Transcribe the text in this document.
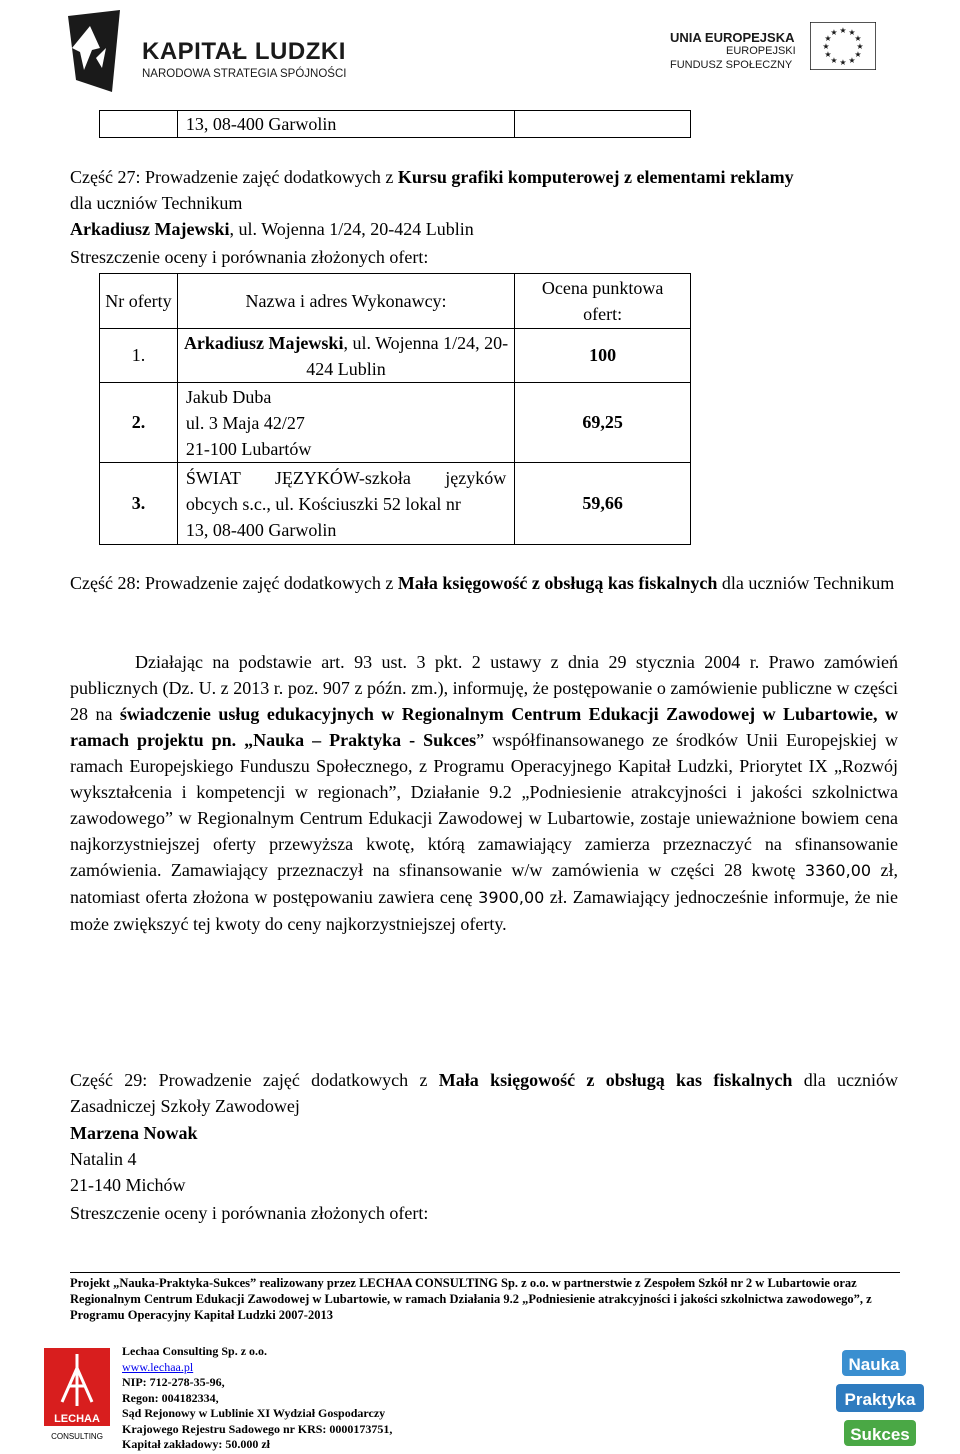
KAPITAŁ LUDZKI
NARODOWA STRATEGIA SPÓJNOŚCI
UNIA EUROPEJSKA
EUROPEJSKI
FUNDUSZ SPOŁECZNY
★ ★
★
★
★
★
★
★
★
★
★
★
	13, 08-400 Garwolin	
Część 27: Prowadzenie zajęć dodatkowych z Kursu grafiki komputerowej z elementami reklamy
dla uczniów Technikum
Arkadiusz Majewski, ul. Wojenna 1/24, 20-424 Lublin
Streszczenie oceny i porównania złożonych ofert:
Nr oferty	Nazwa i adres Wykonawcy:	Ocena punktowa ofert:
1.	Arkadiusz Majewski, ul. Wojenna 1/24, 20-424 Lublin	100
2.	Jakub Duba
ul. 3 Maja 42/27
21-100 Lubartów	69,25
3.	ŚWIAT JĘZYKÓW-szkoła języków
obcych s.c., ul. Kościuszki 52 lokal nr
13, 08-400 Garwolin	59,66
Część 28: Prowadzenie zajęć dodatkowych z Mała księgowość z obsługą kas fiskalnych dla uczniów Technikum
Działając na podstawie art. 93 ust. 3 pkt. 2 ustawy z dnia 29 stycznia 2004 r. Prawo zamówień publicznych (Dz. U. z 2013 r. poz. 907 z późn. zm.), informuję, że postępowanie o zamówienie publiczne w części 28 na świadczenie usług edukacyjnych w Regionalnym Centrum Edukacji Zawodowej w Lubartowie, w ramach projektu pn. „Nauka – Praktyka - Sukces” współfinansowanego ze środków Unii Europejskiej w ramach Europejskiego Funduszu Społecznego, z Programu Operacyjnego Kapitał Ludzki, Priorytet IX „Rozwój wykształcenia i kompetencji w regionach”, Działanie 9.2 „Podniesienie atrakcyjności i jakości szkolnictwa zawodowego” w Regionalnym Centrum Edukacji Zawodowej w Lubartowie, zostaje unieważnione bowiem cena najkorzystniejszej oferty przewyższa kwotę, którą zamawiający zamierza przeznaczyć na sfinansowanie zamówienia. Zamawiający przeznaczył na sfinansowanie w/w zamówienia w części 28 kwotę 3360,00 zł, natomiast oferta złożona w postępowaniu zawiera cenę 3900,00 zł. Zamawiający jednocześnie informuje, że nie może zwiększyć tej kwoty do ceny najkorzystniejszej oferty.
Część 29: Prowadzenie zajęć dodatkowych z Mała księgowość z obsługą kas fiskalnych dla uczniów Zasadniczej Szkoły Zawodowej
Marzena Nowak
Natalin 4
21-140 Michów
Streszczenie oceny i porównania złożonych ofert:
Projekt „Nauka-Praktyka-Sukces” realizowany przez LECHAA CONSULTING Sp. z o.o. w partnerstwie z Zespołem Szkół nr 2 w Lubartowie oraz Regionalnym Centrum Edukacji Zawodowej w Lubartowie, w ramach Działania 9.2 „Podniesienie atrakcyjności i jakości szkolnictwa zawodowego”, z Programu Operacyjny Kapitał Ludzki 2007-2013
LECHAA
CONSULTING
Lechaa Consulting Sp. z o.o.
www.lechaa.pl
NIP: 712-278-35-96,
Regon: 004182334,
Sąd Rejonowy w Lublinie XI Wydział Gospodarczy
Krajowego Rejestru Sadowego nr KRS: 0000173751,
Kapitał zakładowy: 50.000 zł
Nauka
Praktyka
Sukces
